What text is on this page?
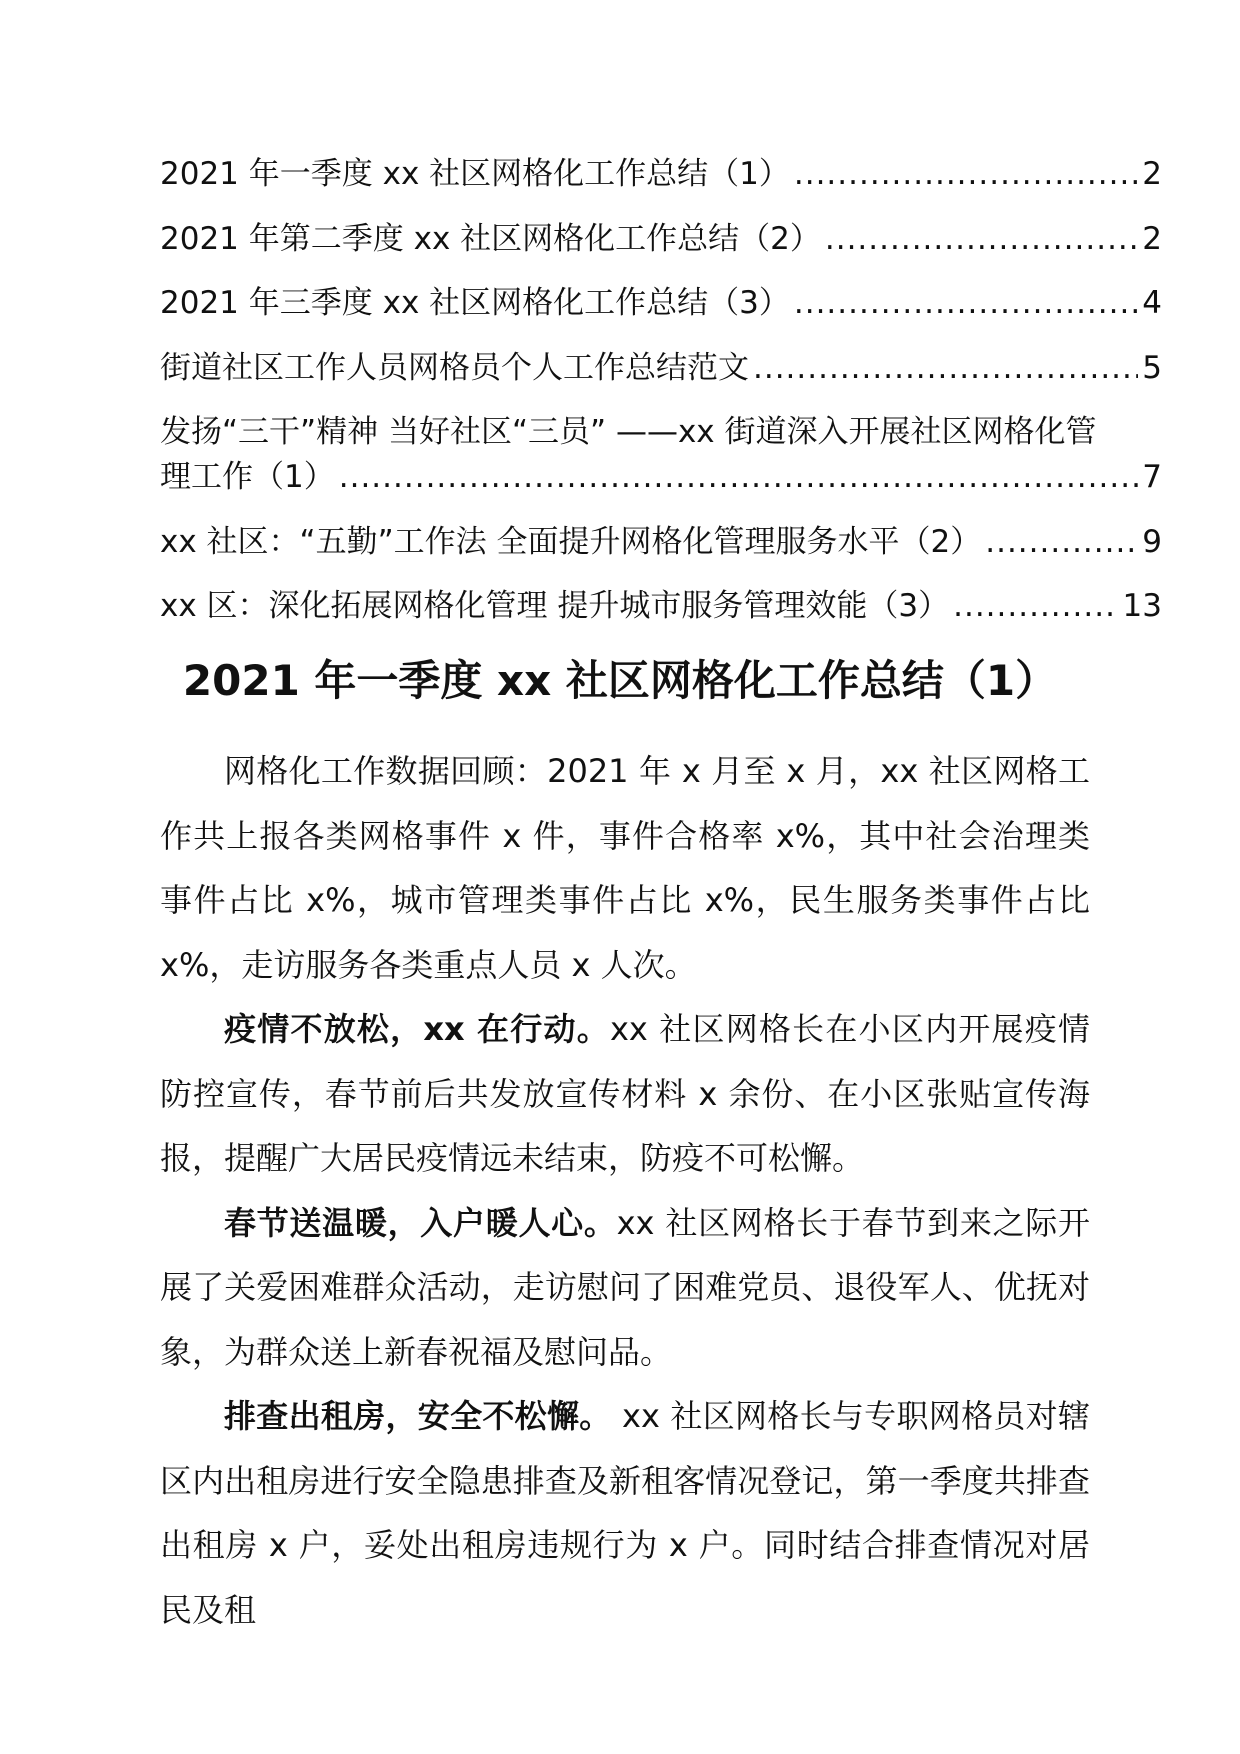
2021 年一季度 xx 社区网格化工作总结（1） .....	2
2021 年第二季度 xx 社区网格化工作总结（2） .....	2
2021 年三季度 xx 社区网格化工作总结（3） .....	4
街道社区工作人员网格员个人工作总结范文 .....	5
发扬“三干”精神 当好社区“三员” ——xx 街道深入开展社区网格化管理工作（1） .....	7
xx 社区：“五勤”工作法 全面提升网格化管理服务水平（2） .....	9
xx 区：深化拓展网格化管理 提升城市服务管理效能（3） .....	13
2021 年一季度 xx 社区网格化工作总结（1）

网格化工作数据回顾：2021 年 x 月至 x 月，xx 社区网格工作共上报各类网格事件 x 件，事件合格率 x%，其中社会治理类事件占比 x%，城市管理类事件占比 x%，民生服务类事件占比 x%，走访服务各类重点人员 x 人次。

疫情不放松，xx 在行动。xx 社区网格长在小区内开展疫情防控宣传，春节前后共发放宣传材料 x 余份、在小区张贴宣传海报，提醒广大居民疫情远未结束，防疫不可松懈。

春节送温暖，入户暖人心。xx 社区网格长于春节到来之际开展了关爱困难群众活动，走访慰问了困难党员、退役军人、优抚对象，为群众送上新春祝福及慰问品。

排查出租房，安全不松懈。 xx 社区网格长与专职网格员对辖区内出租房进行安全隐患排查及新租客情况登记，第一季度共排查出租房 x 户，妥处出租房违规行为 x 户。同时结合排查情况对居民及租
